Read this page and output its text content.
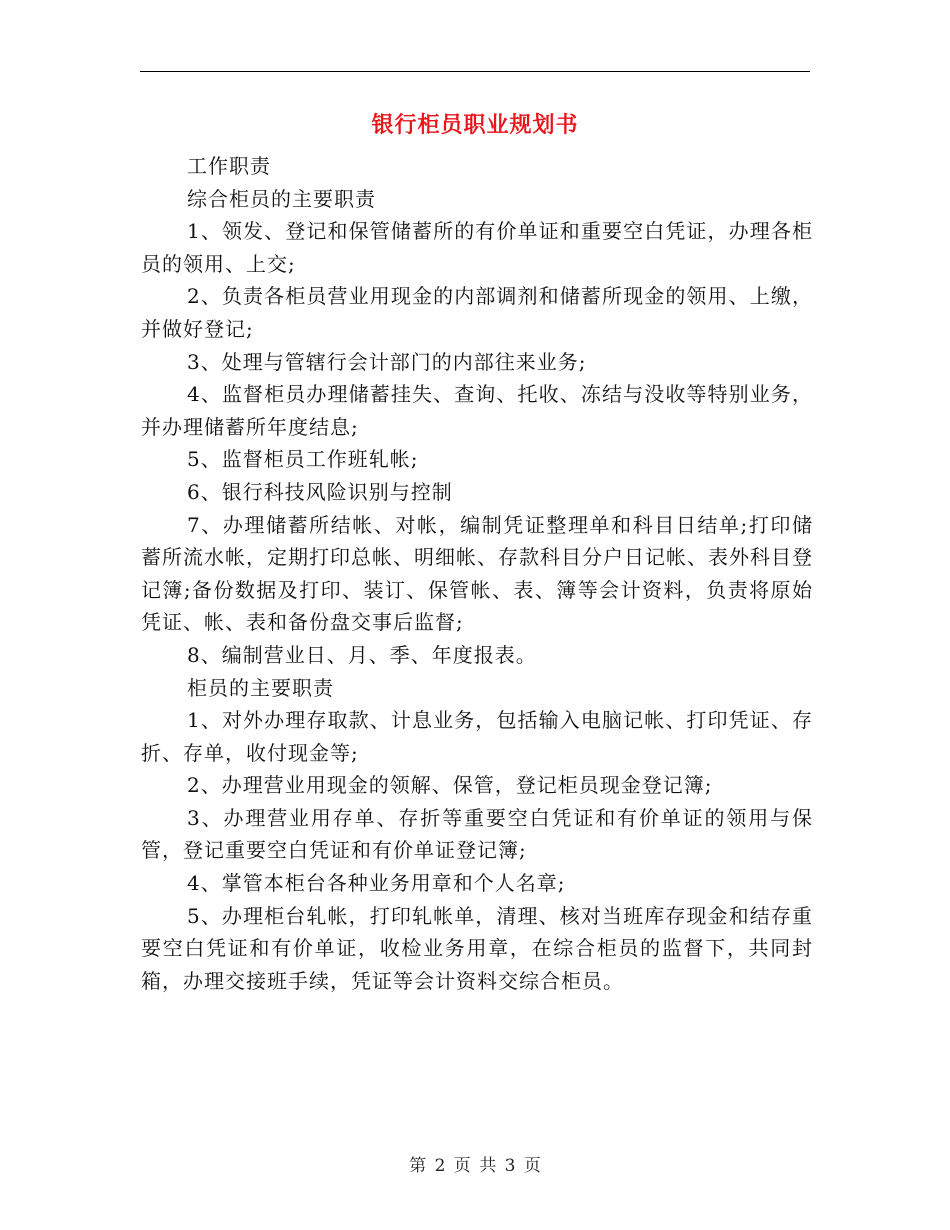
银行柜员职业规划书

工作职责

综合柜员的主要职责

1、领发、登记和保管储蓄所的有价单证和重要空白凭证，办理各柜员的领用、上交;

2、负责各柜员营业用现金的内部调剂和储蓄所现金的领用、上缴，并做好登记;

3、处理与管辖行会计部门的内部往来业务;

4、监督柜员办理储蓄挂失、查询、托收、冻结与没收等特别业务，并办理储蓄所年度结息;

5、监督柜员工作班轧帐;

6、银行科技风险识别与控制

7、办理储蓄所结帐、对帐，编制凭证整理单和科目日结单;打印储蓄所流水帐，定期打印总帐、明细帐、存款科目分户日记帐、表外科目登记簿;备份数据及打印、装订、保管帐、表、簿等会计资料，负责将原始凭证、帐、表和备份盘交事后监督;

8、编制营业日、月、季、年度报表。

柜员的主要职责

1、对外办理存取款、计息业务，包括输入电脑记帐、打印凭证、存折、存单，收付现金等;

2、办理营业用现金的领解、保管，登记柜员现金登记簿;

3、办理营业用存单、存折等重要空白凭证和有价单证的领用与保管，登记重要空白凭证和有价单证登记簿;

4、掌管本柜台各种业务用章和个人名章;

5、办理柜台轧帐，打印轧帐单，清理、核对当班库存现金和结存重要空白凭证和有价单证，收检业务用章，在综合柜员的监督下，共同封箱，办理交接班手续，凭证等会计资料交综合柜员。

第 2 页 共 3 页
